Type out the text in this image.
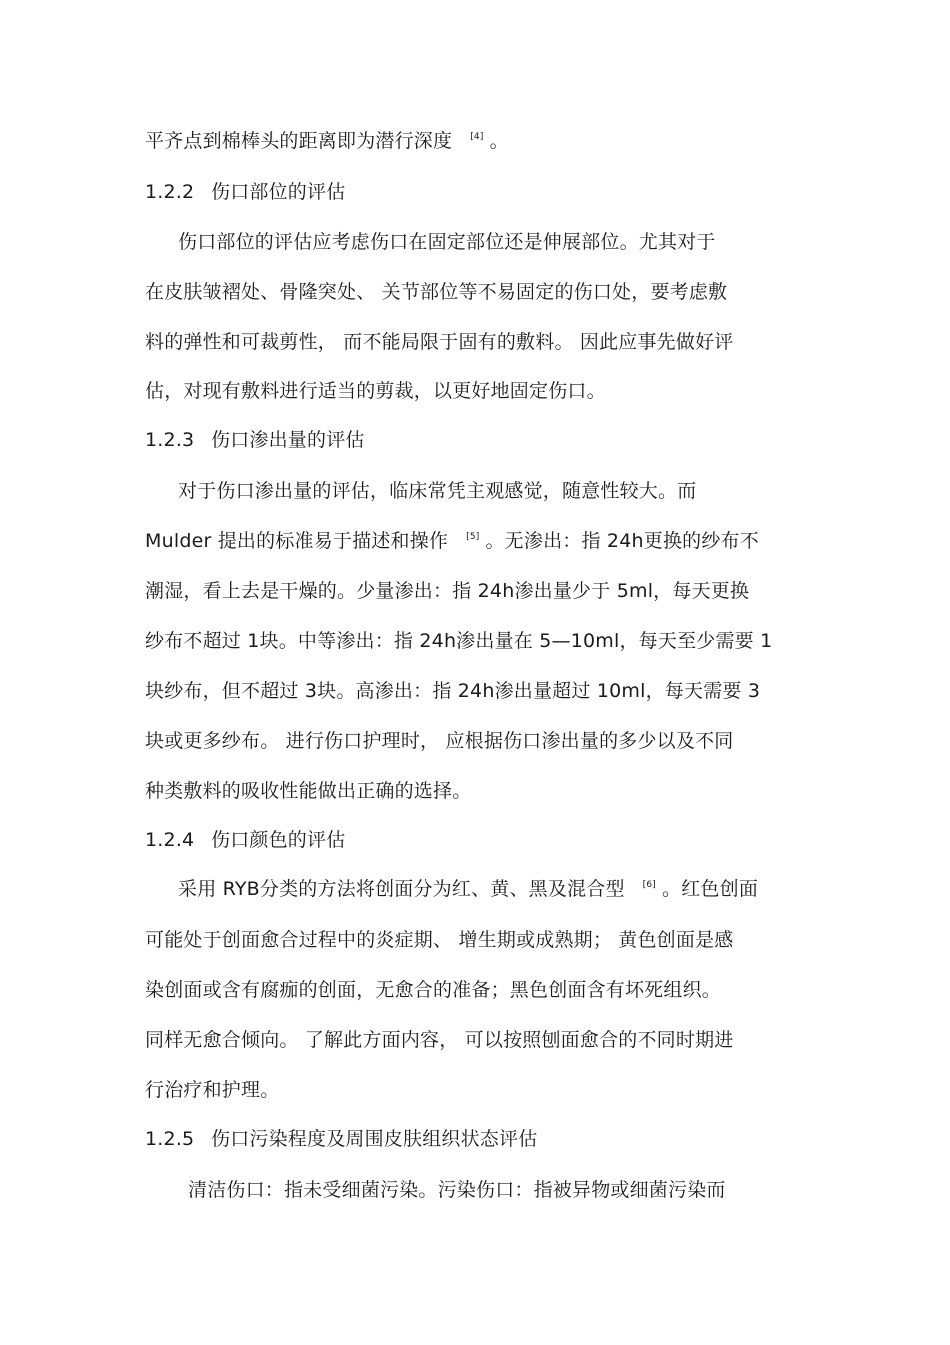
平齐点到棉棒头的距离即为潜行深度 [4] 。
1.2.2 伤口部位的评估
伤口部位的评估应考虑伤口在固定部位还是伸展部位。尤其对于
在皮肤皱褶处、骨隆突处、 关节部位等不易固定的伤口处，要考虑敷
料的弹性和可裁剪性， 而不能局限于固有的敷料。 因此应事先做好评
估，对现有敷料进行适当的剪裁，以更好地固定伤口。
1.2.3 伤口渗出量的评估
对于伤口渗出量的评估，临床常凭主观感觉，随意性较大。而
Mulder 提出的标准易于描述和操作 [5] 。无渗出：指 24h更换的纱布不
潮湿，看上去是干燥的。少量渗出：指 24h渗出量少于 5ml，每天更换
纱布不超过 1块。中等渗出：指 24h渗出量在 5—10ml，每天至少需要 1
块纱布，但不超过 3块。高渗出：指 24h渗出量超过 10ml，每天需要 3
块或更多纱布。 进行伤口护理时， 应根据伤口渗出量的多少以及不同
种类敷料的吸收性能做出正确的选择。
1.2.4 伤口颜色的评估
采用 RYB分类的方法将创面分为红、黄、黑及混合型 [6] 。红色创面
可能处于创面愈合过程中的炎症期、 增生期或成熟期； 黄色创面是感
染创面或含有腐痂的创面，无愈合的准备；黑色创面含有坏死组织。
同样无愈合倾向。 了解此方面内容， 可以按照刨面愈合的不同时期进
行治疗和护理。
1.2.5 伤口污染程度及周围皮肤组织状态评估
清洁伤口：指未受细菌污染。污染伤口：指被异物或细菌污染而
